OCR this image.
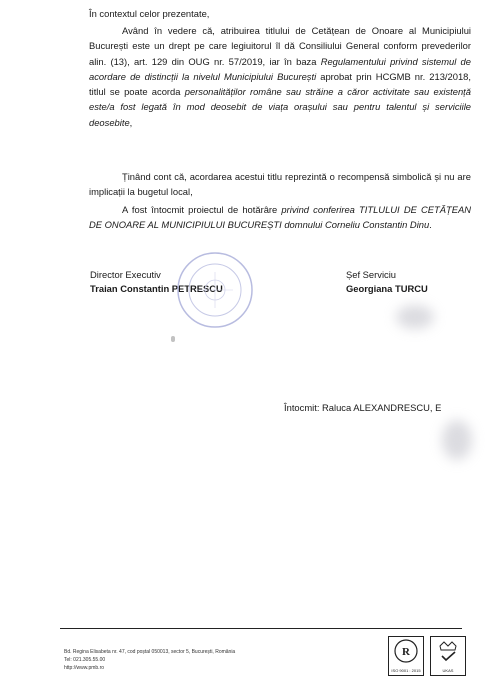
În contextul celor prezentate,

Având în vedere că, atribuirea titlului de Cetățean de Onoare al Municipiului București este un drept pe care legiuitorul îl dă Consiliului General conform prevederilor alin. (13), art. 129 din OUG nr. 57/2019, iar în baza Regulamentului privind sistemul de acordare de distincții la nivelul Municipiului București aprobat prin HCGMB nr. 213/2018, titlul se poate acorda personalităților române sau străine a căror activitate sau existență este/a fost legată în mod deosebit de viața orașului sau pentru talentul și serviciile deosebite,

Ținând cont că, acordarea acestui titlu reprezintă o recompensă simbolică și nu are implicații la bugetul local,

A fost întocmit proiectul de hotărâre privind conferirea TITLULUI DE CETĂȚEAN DE ONOARE AL MUNICIPIULUI BUCUREȘTI domnului Corneliu Constantin Dinu.

Director Executiv
Traian Constantin PETRESCU
Șef Serviciu
Georgiana TURCU
Întocmit: Raluca ALEXANDRESCU, E
Bd. Regina Elisabeta nr. 47, cod poștal 050013, sector 5, București, România
Tel: 021.305.55.00
http://www.pmb.ro
R
ISO 9001 : 2015	UKAS
